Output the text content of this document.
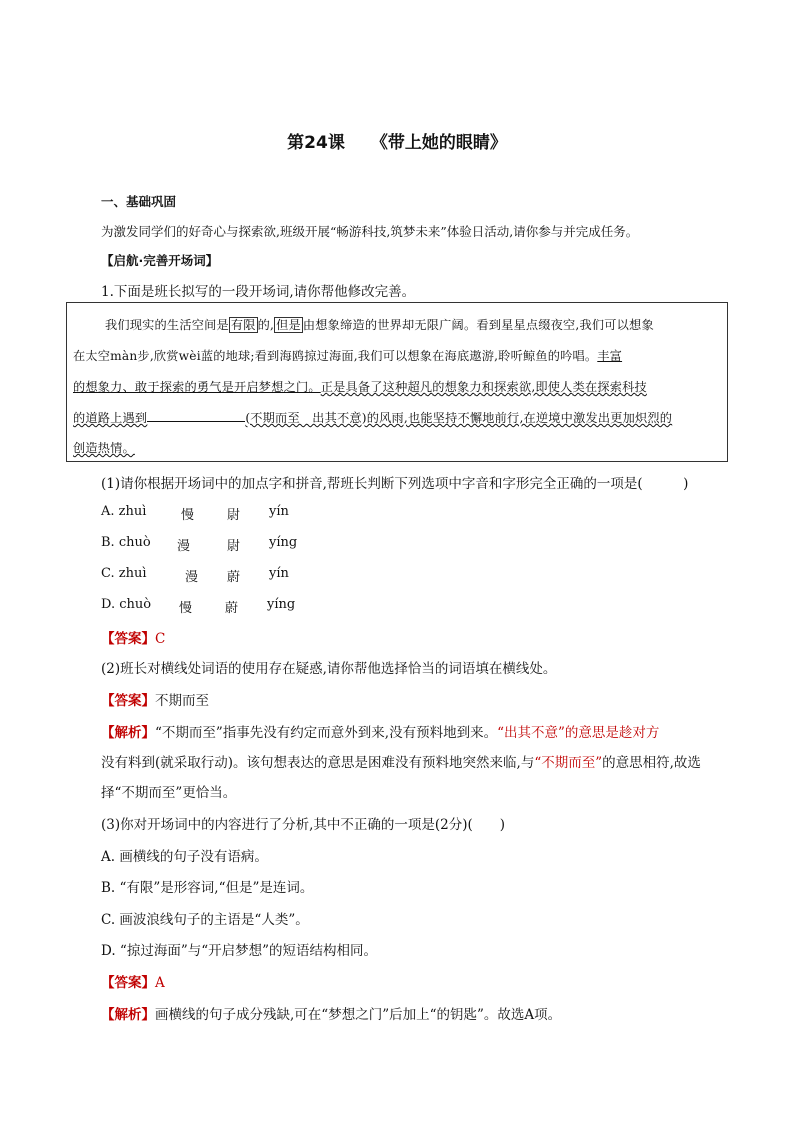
第24课 《带上她的眼睛》
一、基础巩固
为激发同学们的好奇心与探索欲,班级开展“畅游科技,筑梦未来”体验日活动,请你参与并完成任务。
【启航·完善开场词】
1.下面是班长拟写的一段开场词,请你帮他修改完善。
我们现实的生活空间是 有限 的, 但是 由想象缔造的世界却无限广阔。看到星星点缀夜空,我们可以想象
在太空màn步,欣赏wèi蓝的地球;看到海鸥掠过海面,我们可以想象在海底遨游,聆听鲸鱼的吟唱。丰富
的想象力、敢于探索的勇气是开启梦想之门。正是具备了这种超凡的想象力和探索欲,即使人类在探索科技
的道路上遇到	(不期而至　出其不意)的风雨,也能坚持不懈地前行,在逆境中激发出更加炽烈的
创造热情。
(1)请你根据开场词中的加点字和拼音,帮班长判断下列选项中字音和字形完全正确的一项是(　　　)
A. zhuì	慢	尉 yín
B. chuò 漫	尉 yíng
C. zhuì	漫 蔚 yín
D. chuò 慢	蔚 yíng
【答案】C
(2)班长对横线处词语的使用存在疑惑,请你帮他选择恰当的词语填在横线处。
【答案】不期而至
【解析】“不期而至”指事先没有约定而意外到来,没有预料地到来。“出其不意”的意思是趁对方
没有料到(就采取行动)。该句想表达的意思是困难没有预料地突然来临,与“不期而至”的意思相符,故选
择“不期而至”更恰当。
(3)你对开场词中的内容进行了分析,其中不正确的一项是(2分)(　　)
A. 画横线的句子没有语病。
B. “有限”是形容词,“但是”是连词。
C. 画波浪线句子的主语是“人类”。
D. “掠过海面”与“开启梦想”的短语结构相同。
【答案】A
【解析】画横线的句子成分残缺,可在“梦想之门”后加上“的钥匙”。故选A项。
